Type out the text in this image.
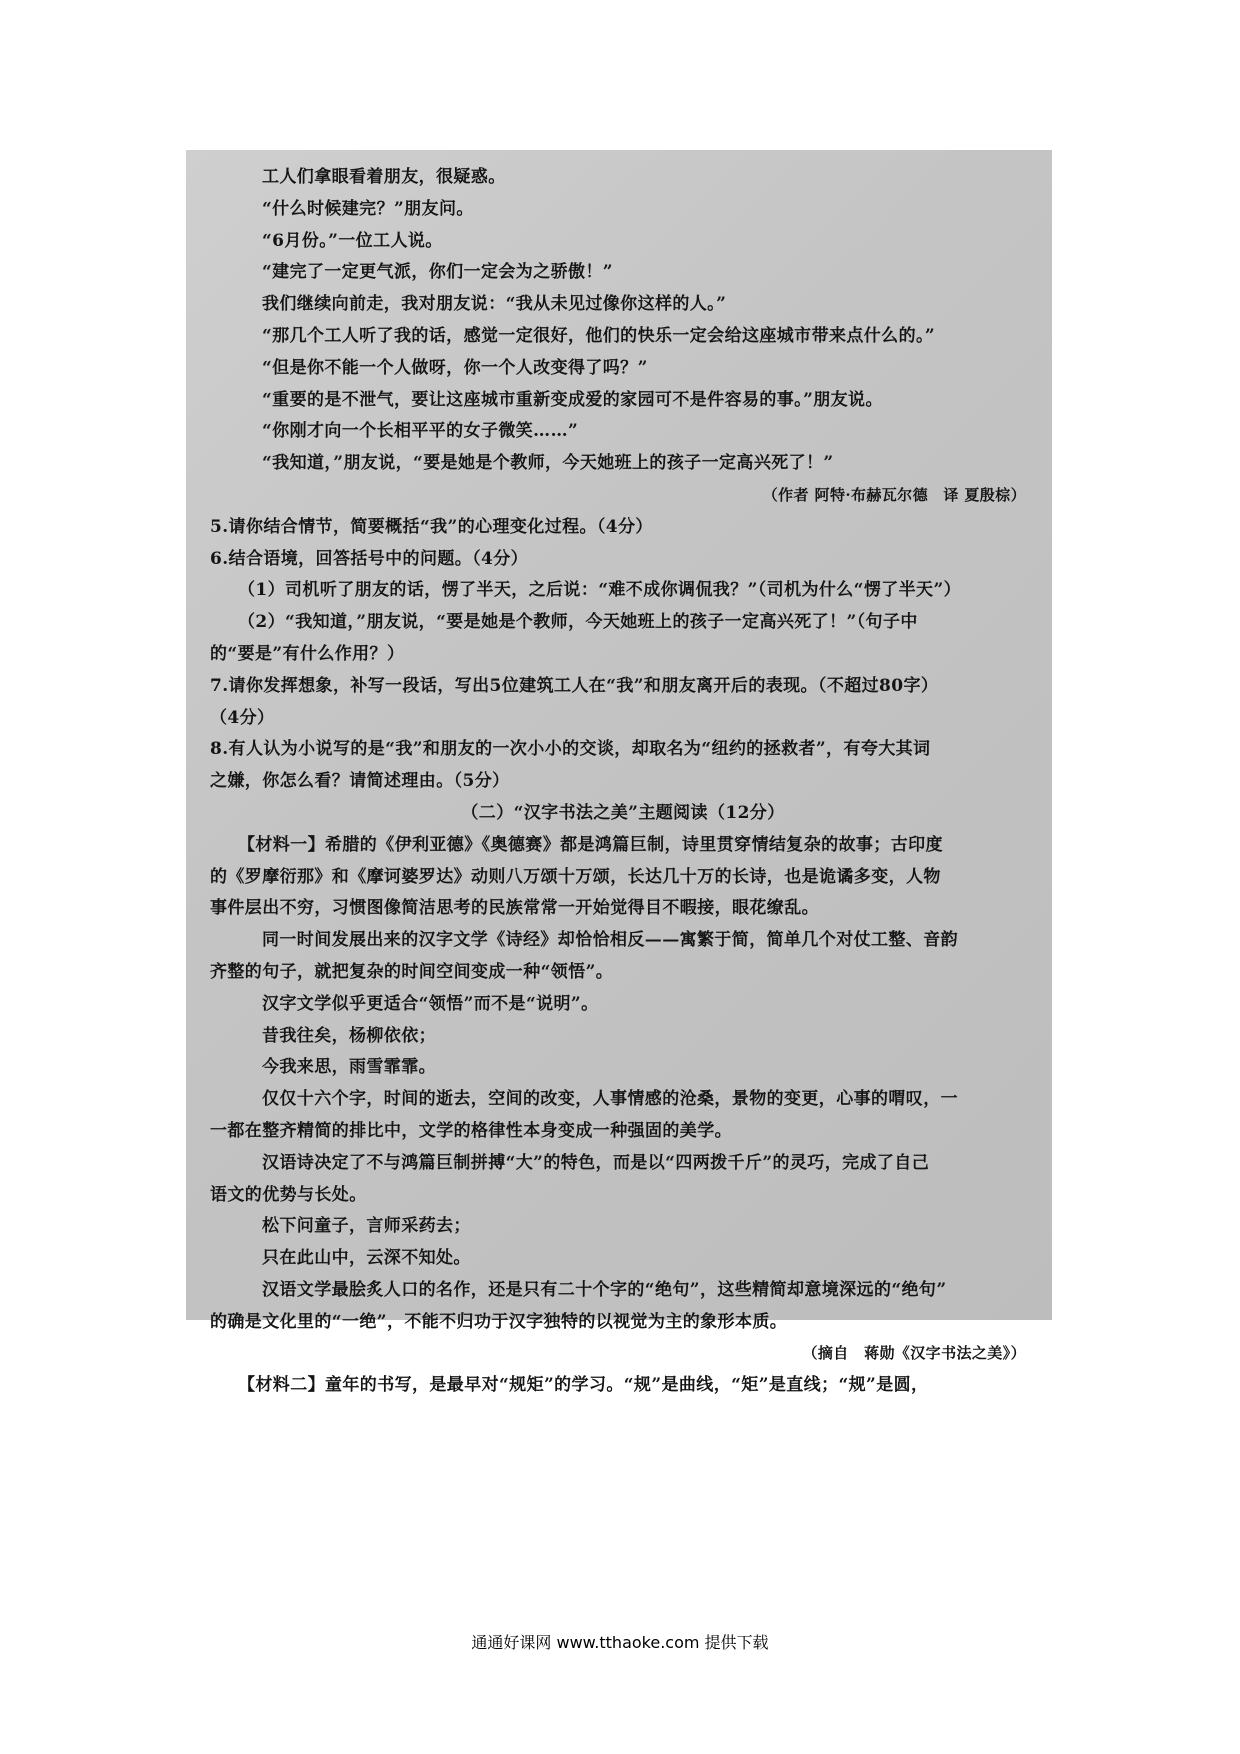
工人们拿眼看着朋友，很疑惑。
“什么时候建完？”朋友问。
“6月份。”一位工人说。
“建完了一定更气派，你们一定会为之骄傲！”
我们继续向前走，我对朋友说：“我从未见过像你这样的人。”
“那几个工人听了我的话，感觉一定很好，他们的快乐一定会给这座城市带来点什么的。”
“但是你不能一个人做呀，你一个人改变得了吗？”
“重要的是不泄气，要让这座城市重新变成爱的家园可不是件容易的事。”朋友说。
“你刚才向一个长相平平的女子微笑……”
“我知道，”朋友说，“要是她是个教师，今天她班上的孩子一定高兴死了！”
（作者 阿特·布赫瓦尔德　译 夏殷棕）
5.请你结合情节，简要概括“我”的心理变化过程。（4分）
6.结合语境，回答括号中的问题。（4分）
（1）司机听了朋友的话，愣了半天，之后说：“难不成你调侃我？”（司机为什么“愣了半天”）
（2）“我知道，”朋友说，“要是她是个教师，今天她班上的孩子一定高兴死了！”（句子中
的“要是”有什么作用？）
7.请你发挥想象，补写一段话，写出5位建筑工人在“我”和朋友离开后的表现。（不超过80字）
（4分）
8.有人认为小说写的是“我”和朋友的一次小小的交谈，却取名为“纽约的拯救者”，有夸大其词
之嫌，你怎么看？请简述理由。（5分）
（二）“汉字书法之美”主题阅读（12分）
【材料一】希腊的《伊利亚德》《奥德赛》都是鸿篇巨制，诗里贯穿情结复杂的故事；古印度
的《罗摩衍那》和《摩诃婆罗达》动则八万颂十万颂，长达几十万的长诗，也是诡谲多变，人物
事件层出不穷，习惯图像简洁思考的民族常常一开始觉得目不暇接，眼花缭乱。
同一时间发展出来的汉字文学《诗经》却恰恰相反——寓繁于简，简单几个对仗工整、音韵
齐整的句子，就把复杂的时间空间变成一种“领悟”。
汉字文学似乎更适合“领悟”而不是“说明”。
昔我往矣，杨柳依依；
今我来思，雨雪霏霏。
仅仅十六个字，时间的逝去，空间的改变，人事情感的沧桑，景物的变更，心事的喟叹，一
一都在整齐精简的排比中，文学的格律性本身变成一种强固的美学。
汉语诗决定了不与鸿篇巨制拼搏“大”的特色，而是以“四两拨千斤”的灵巧，完成了自己
语文的优势与长处。
松下问童子，言师采药去；
只在此山中，云深不知处。
汉语文学最脍炙人口的名作，还是只有二十个字的“绝句”，这些精简却意境深远的“绝句”
的确是文化里的“一绝”，不能不归功于汉字独特的以视觉为主的象形本质。
（摘自　蒋勋《汉字书法之美》）
【材料二】童年的书写，是最早对“规矩”的学习。“规”是曲线，“矩”是直线；“规”是圆，
通通好课网 www.tthaoke.com 提供下载
